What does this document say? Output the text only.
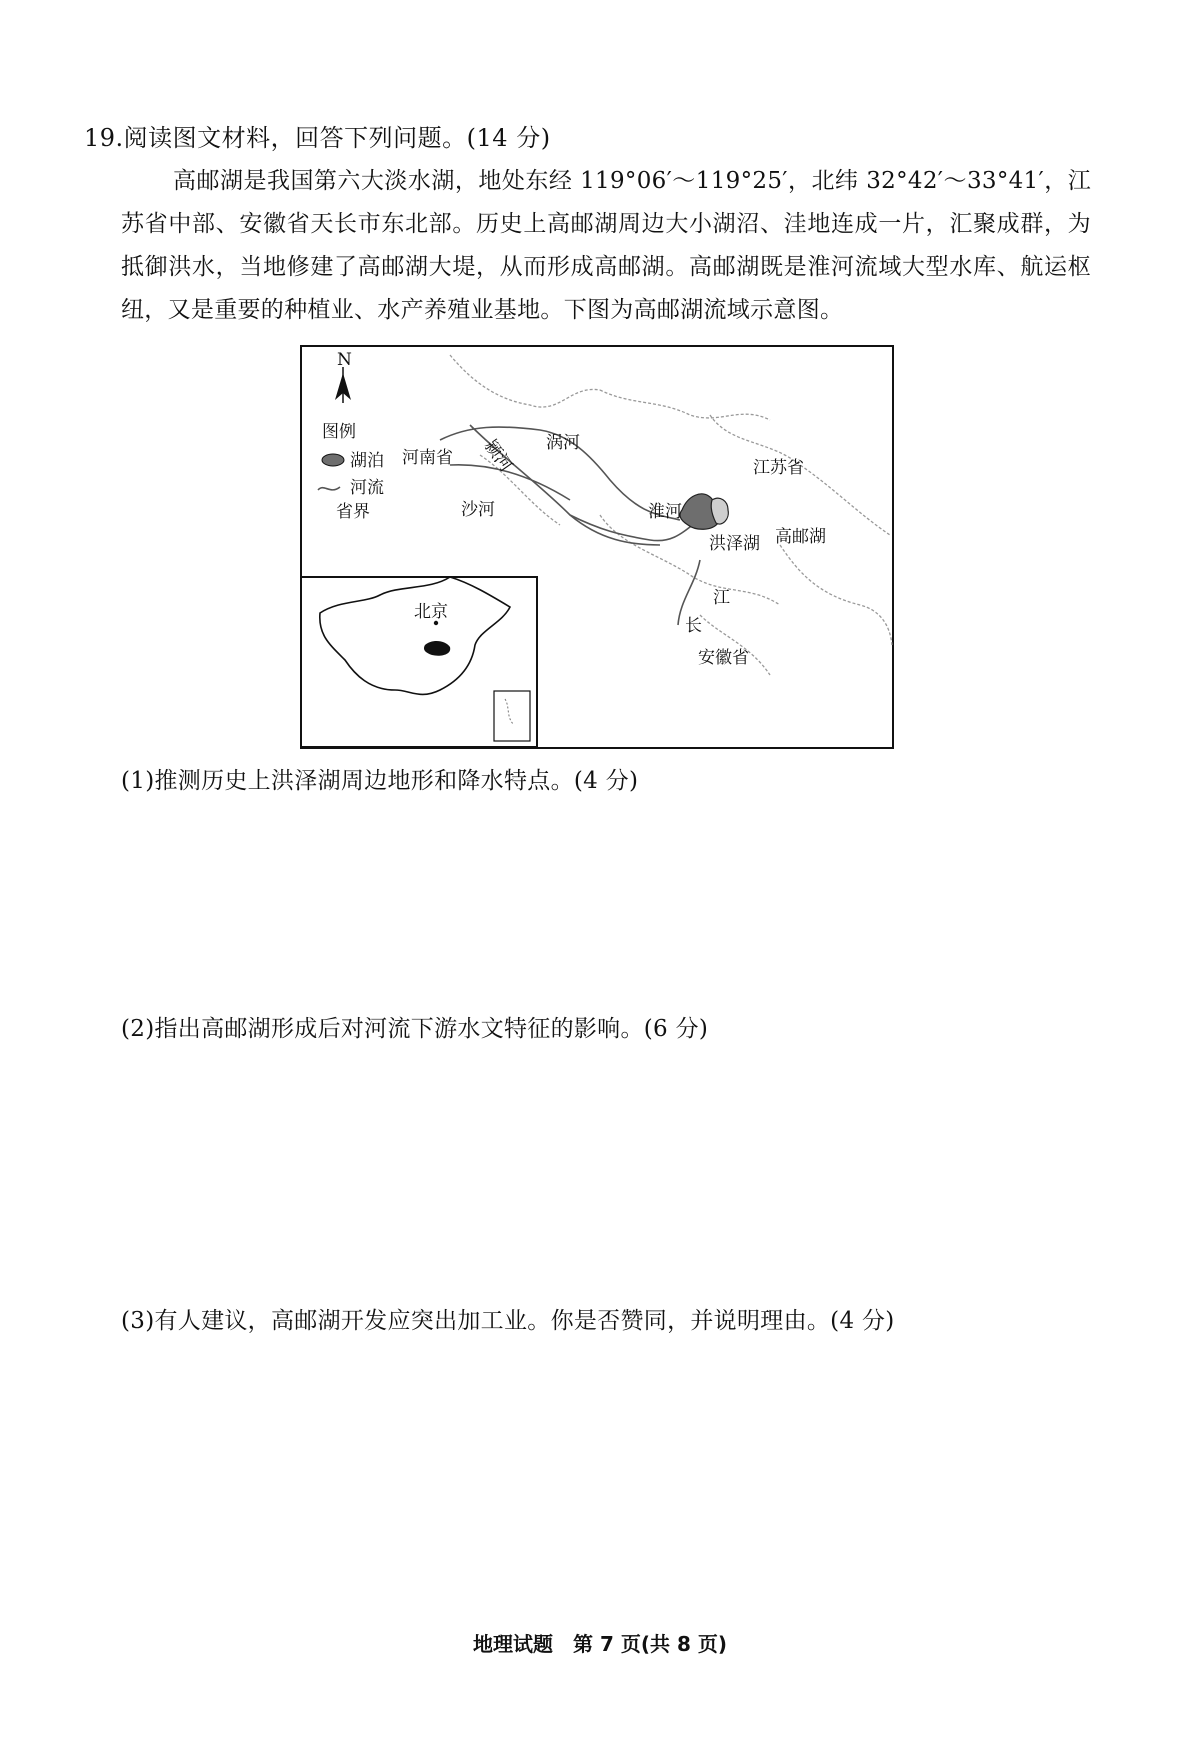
19.阅读图文材料，回答下列问题。(14 分)
高邮湖是我国第六大淡水湖，地处东经 119°06′～119°25′，北纬 32°42′～33°41′，江苏省中部、安徽省天长市东北部。历史上高邮湖周边大小湖沼、洼地连成一片，汇聚成群，为抵御洪水，当地修建了高邮湖大堤，从而形成高邮湖。高邮湖既是淮河流域大型水库、航运枢纽，又是重要的种植业、水产养殖业基地。下图为高邮湖流域示意图。
N
图例
湖泊
河流
省界
河南省 颍河 涡河
沙河
江苏省
淮河
洪泽湖 高邮湖
江
长
安徽省
北京
(1)推测历史上洪泽湖周边地形和降水特点。(4 分)
(2)指出高邮湖形成后对河流下游水文特征的影响。(6 分)
(3)有人建议，高邮湖开发应突出加工业。你是否赞同，并说明理由。(4 分)
地理试题　第 7 页(共 8 页)
